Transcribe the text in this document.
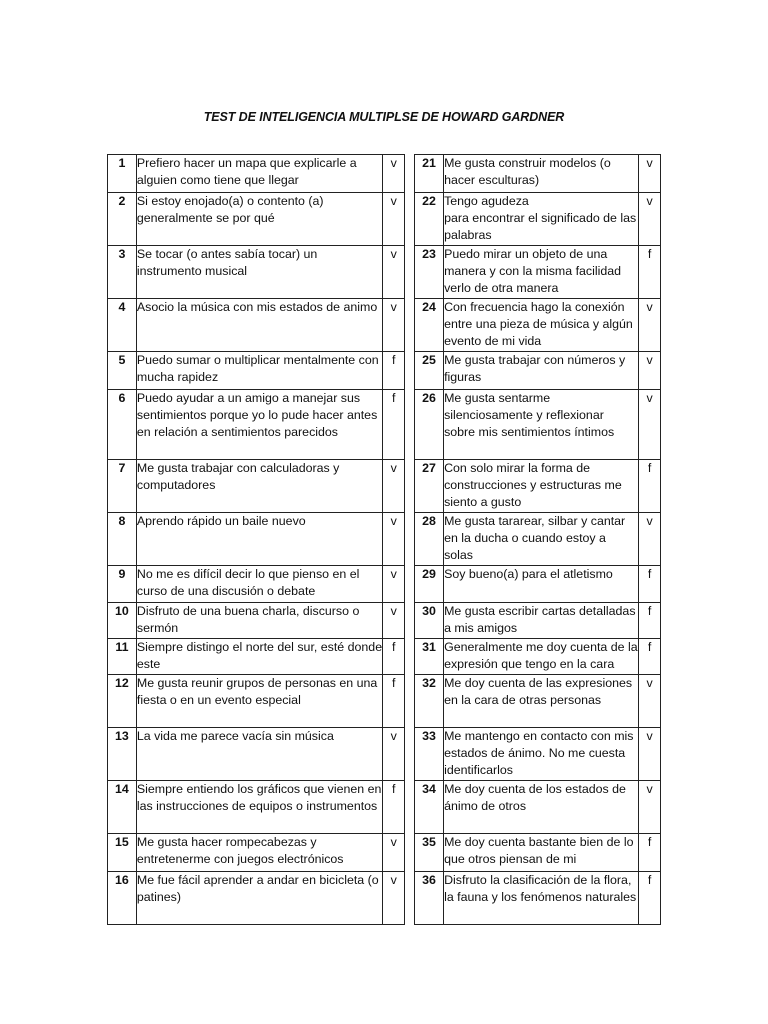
TEST DE INTELIGENCIA MULTIPLSE DE HOWARD GARDNER
1	Prefiero hacer un mapa que explicarle a alguien como tiene que llegar	v
2	Si estoy enojado(a) o contento (a) generalmente se por qué	v
3	Se tocar (o antes sabía tocar) un instrumento musical	v
4	Asocio la música con mis estados de animo	v
5	Puedo sumar o multiplicar mentalmente con mucha rapidez	f
6	Puedo ayudar a un amigo a manejar sus sentimientos porque yo lo pude hacer antes en relación a sentimientos parecidos	f
7	Me gusta trabajar con calculadoras y computadores	v
8	Aprendo rápido un baile nuevo	v
9	No me es difícil decir lo que pienso en el curso de una discusión o debate	v
10	Disfruto de una buena charla, discurso o sermón	v
11	Siempre distingo el norte del sur, esté donde este	f
12	Me gusta reunir grupos de personas en una fiesta o en un evento especial	f
13	La vida me parece vacía sin música	v
14	Siempre entiendo los gráficos que vienen en las instrucciones de equipos o instrumentos	f
15	Me gusta hacer rompecabezas y entretenerme con juegos electrónicos	v
16	Me fue fácil aprender a andar en bicicleta (o patines)	v
21	Me gusta construir modelos (o hacer esculturas)	v
22	Tengo agudeza
para encontrar el significado de las palabras	v
23	Puedo mirar un objeto de una manera y con la misma facilidad verlo de otra manera	f
24	Con frecuencia hago la conexión entre una pieza de música y algún evento de mi vida	v
25	Me gusta trabajar con números y figuras	v
26	Me gusta sentarme silenciosamente y reflexionar sobre mis sentimientos íntimos	v
27	Con solo mirar la forma de construcciones y estructuras me siento a gusto	f
28	Me gusta tararear, silbar y cantar en la ducha o cuando estoy a solas	v
29	Soy bueno(a) para el atletismo	f
30	Me gusta escribir cartas detalladas a mis amigos	f
31	Generalmente me doy cuenta de la expresión que tengo en la cara	f
32	Me doy cuenta de las expresiones en la cara de otras personas	v
33	Me mantengo en contacto con mis estados de ánimo. No me cuesta identificarlos	v
34	Me doy cuenta de los estados de ánimo de otros	v
35	Me doy cuenta bastante bien de lo que otros piensan de mi	f
36	Disfruto la clasificación de la flora, la fauna y los fenómenos naturales	f
